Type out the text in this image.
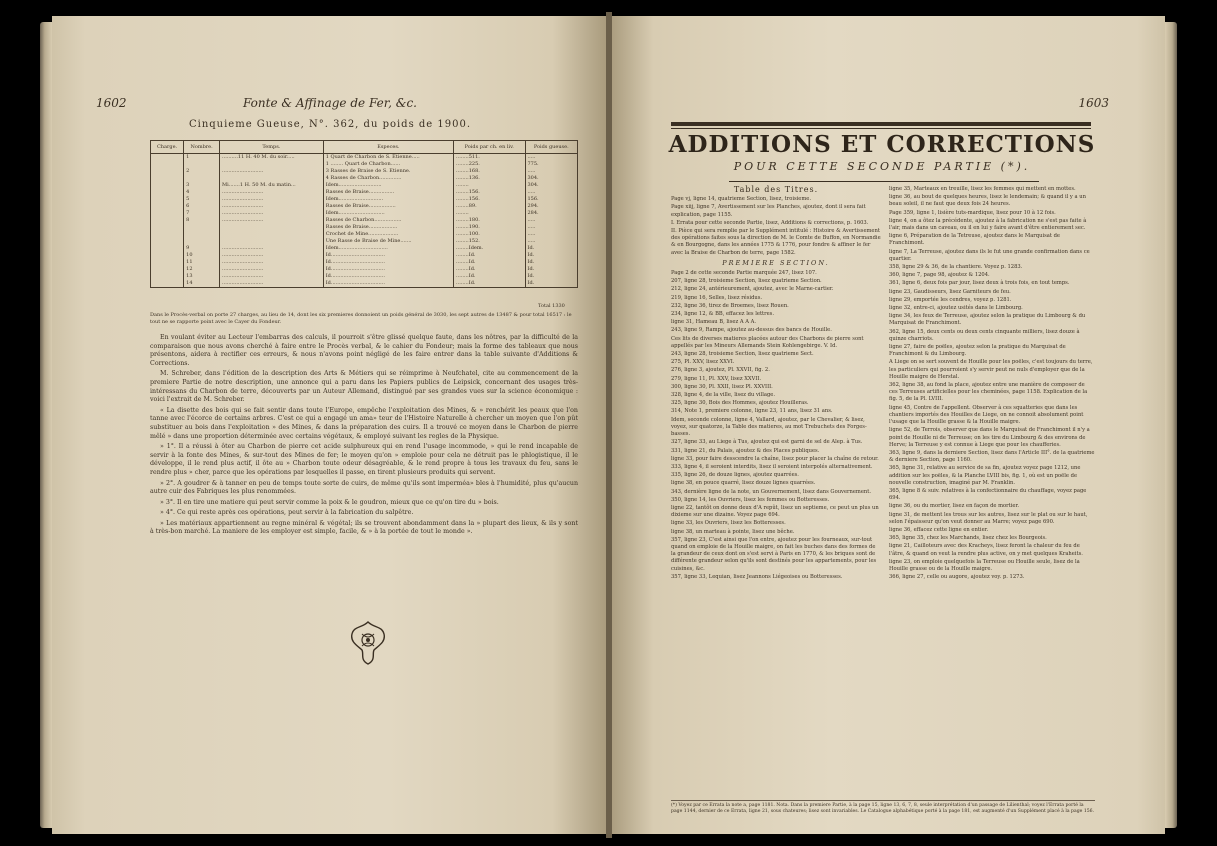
1602	Fonte & Affinage de Fer, &c.
Cinquieme Gueuse, N°. 362, du poids de 1900.
Charge.	Nombre.	Temps.	Especes.	Poids par ch. en liv.	Poids gueuse.
	1	..........11 H. 40 M. du soir.....	1 Quart de Charbon de S. Étienne.....	........511.	.....
			1 ........ Quart de Charbon......	........225.	775.
	2	..........................	3 Rasses de Braise de S. Etienne.	........168.	.....
			4 Rasses de Charbon..............	........136.	304.
	3	Mi.......1 H. 50 M. du matin...	Idem...........................	........	304.
	4	..........................	Rasses de Braise................	........156.	.....
	5	..........................	Idem............................	........156.	156.
	6	..........................	Rasses de Braise.................	........89.	294.
	7	..........................	Idem.............................	........	284.
	8	..........................	Rasses de Charbon.................	........180.	.....
			Rasses de Braise..................	........190.	.....
			Crochet de Mine...................	........100.	.....
			Une Rasse de Braise de Mine.......	........152.	.....
	9	..........................	Idem...............................	........Idem.	Id.
	10	..........................	Id..................................	........Id.	Id.
	11	..........................	Id..................................	........Id.	Id.
	12	..........................	Id..................................	........Id.	Id.
	13	..........................	Id..................................	........Id.	Id.
	14	..........................	Id..................................	........Id.	Id.
Total 1330
Dans le Procès-verbal on porte 27 charges, au lieu de 14, dont les six premieres donnoient un poids général de 3030, les sept autres de 13487 & pour total 16517 : le tout ne se rapporte point avec le Cayer du Fondeur.

En voulant éviter au Lecteur l'embarras des calculs, il pourroit s'être glissé quelque faute, dans les nôtres, par la difficulté de la comparaison que nous avons cherché à faire entre le Procès verbal, & le cahier du Fondeur; mais la forme des tableaux que nous présentons, aidera à rectifier ces erreurs, & nous n'avons point négligé de les faire entrer dans la table suivante d'Additions & Corrections.

M. Schreber, dans l'édition de la description des Arts & Métiers qui se réimprime à Neufchatel, cite au commencement de la premiere Partie de notre description, une annonce qui a paru dans les Papiers publics de Leipsick, concernant des usages très-intéressans du Charbon de terre, découverts par un Auteur Allemand, distingué par ses grandes vues sur la science économique : voici l'extrait de M. Schreber.

« La disette des bois qui se fait sentir dans toute l'Europe, empêche l'exploitation des Mines, & » renchérit les peaux que l'on tanne avec l'écorce de certains arbres. C'est ce qui a engagé un ama» teur de l'Histoire Naturelle à chercher un moyen que l'on pût substituer au bois dans l'exploitation » des Mines, & dans la préparation des cuirs. Il a trouvé ce moyen dans le Charbon de pierre mêlé » dans une proportion déterminée avec certains végétaux, & employé suivant les regles de la Physique.

» 1°. Il a réussi à ôter au Charbon de pierre cet acide sulphureux qui en rend l'usage incommode, » qui le rend incapable de servir à la fonte des Mines, & sur-tout des Mines de fer; le moyen qu'on » emploie pour cela ne détruit pas le phlogistique, il le développe, il le rend plus actif, il ôte au » Charbon toute odeur désagréable, & le rend propre à tous les travaux du feu, sans le rendre plus » cher, parce que les opérations par lesquelles il passe, en tirent plusieurs produits qui servent.

» 2°. A goudrer & à tanner en peu de temps toute sorte de cuirs, de même qu'ils sont imperméa» bles à l'humidité, plus qu'aucun autre cuir des Fabriques les plus renommées.

» 3°. Il en tire une matiere qui peut servir comme la poix & le goudron, mieux que ce qu'on tire du » bois.

» 4°. Ce qui reste après ces opérations, peut servir à la fabrication du salpêtre.

» Les matériaux appartiennent au regne minéral & végétal; ils se trouvent abondamment dans la » plupart des lieux, & ils y sont à très-bon marché. La maniere de les employer est simple, facile, & » à la portée de tout le monde ».

1603
ADDITIONS ET CORRECTIONS
POUR CETTE SECONDE PARTIE (*).

Table des Titres.

Page vj, ligne 14, quatrieme Section, lisez, troisieme.

Page xiij, ligne 7, Avertissement sur les Planches, ajoutez, dont il sera fait explication, page 1155.

I. Errata pour cette seconde Partie, lisez, Additions & corrections, p. 1603.

II. Pièce qui sera remplie par le Supplément intitulé : Histoire & Avertissement des opérations faites sous la direction de M. le Comte de Buffon, en Normandie & en Bourgogne, dans les années 1775 & 1776, pour fondre & affiner le fer avec la Braise de Charbon de terre, page 1582.

PREMIERE SECTION.

Page 2 de cette seconde Partie marquée 247, lisez 107.

207, ligne 28, troisieme Section, lisez quatrieme Section.

212, ligne 24, antérieurement, ajoutez, avec le Marne-cartier.

219, ligne 16, Selles, lisez résidus.

232, ligne 36, tirez de Broemes, lisez Rouen.

234, ligne 12, & BB, effacez les lettres.

ligne 31, Hameau B, lisez A A A.

243, ligne 9, Rampe, ajoutez au-dessus des bancs de Houille.

Ces lits de diverses matieres placées autour des Charbons de pierre sont appellés par les Mineurs Allemands Stein Kohlengebirge. V. Id.

243, ligne 28, troisieme Section, lisez quatrieme Sect.

275, Pl. XXV, lisez XXVI.

276, ligne 3, ajoutez, Pl. XXVII, fig. 2.

279, ligne 11, Pl. XXV, lisez XXVII.

300, ligne 30, Pl. XXII, lisez Pl. XXVIII.

328, ligne 4, de la ville, lisez du village.

325, ligne 30, Bois des Hommes, ajoutez Houilleras.

314, Note 1, premiere colonne, ligne 23, 11 ans, lisez 31 ans.

Idem, seconde colonne, ligne 4, Vallard, ajoutez, par le Chevalier, & lisez, voyez, sur quatorze, la Table des matieres, au mot Trebuchets des Forges-basses.

327, ligne 33, au Liege à Tus, ajoutez qui est garni de sel de Alep. à Tus.

331, ligne 21, du Palais, ajoutez & des Places publiques.

ligne 33, pour faire desscendre la chaîne, lisez pour placer la chaîne de retour.

333, ligne 4, il seroient interdits, lisez il seroient interpolés alternativement.

335, ligne 26, de douze lignes, ajoutez quarrées.

ligne 38, en pouce quarré, lisez douze lignes quarrées.

343, dernière ligne de la note, un Gouvernement, lisez dans Gouvernement.

350, ligne 14, les Ouvriers, lisez les femmes ou Botteresses.

ligne 22, tantôt on donne deux d'A repût, lisez un septieme, ce peut un plus un dixieme sur une dizaine. Voyez page 694.

ligne 33, les Ouvriers, lisez les Botteresses.

ligne 38, un marteau à pointe, lisez une bêche.

357, ligne 23, C'est ainsi que l'on entre, ajoutez pour les fourneaux, sur-tout quand on emploie de la Houille maigre, on fait les buches dans des formes de la grandeur de ceux dont on s'est servi à Paris en 1770, & les briques sont de différente grandeur selon qu'ils sont destinés pour les appartements, pour les cuisines, &c.

357, ligne 33, Lequian, lisez Jeannons Liégeoises ou Botteresses.

ligne 35, Marteaux en treuille, lisez les femmes qui mettent en mottes.

ligne 36, au bout de quelques heures, lisez le lendemain; & quand il y a un beau soleil, il ne faut que deux fois 24 heures.

Page 359, ligne 1, lisière tuts-mardique, lisez pour 10 à 12 fois.

ligne 4, on a ôtez la précédente, ajoutez à la fabrication ne s'est pas faite à l'air, mais dans un caveau, ou il en lui y faire avant d'être entierement sec.

ligne 6, Préparation de la Tetreuse, ajoutez dans le Marquisat de Franchimont.

ligne 7, La Terreuse, ajoutez dans ils le fut une grande confirmation dans ce quartier.

358, ligne 29 & 36, de la chantiere. Voyez p. 1283.

360, ligne 7, page 98, ajoutez & 1204.

361, ligne 6, deux fois par jour, lisez deux à trois fois, en tout temps.

ligne 23, Gaudisseurs, lisez Garniteurs de feu.

ligne 29, emportée les cendres, voyez p. 1281.

ligne 32, entre-ci, ajoutez usités dans le Limbourg.

ligne 34, les feux de Terreuse, ajoutez selon la pratique du Limbourg & du Marquisat de Franchimont.

362, ligne 15, deux cents ou deux cents cinquante milliers, lisez douze à quinze charriots.

ligne 27, faire de poëles, ajoutez selon la pratique du Marquisat de Franchimont & du Limbourg.

A Liege on se sert souvent de Houille pour les poëles, c'est toujours du terre, les particuliers qui pourroient s'y servir peut ne nuls d'employer que de la Houille maigre de Herstal.

362, ligne 38, au fond la place, ajoutez entre une manière de composer de ces Terreuses artificielles pour les cheminées, page 1158. Explication de la fig. 5, de la Pl. LVIII.

ligne 45, Contre de l'appellent. Observer à ces squatteries que dans les chantiers importés des Houilles de Liege, on ne connoit absolument point l'usage que la Houille grasse & la Houille maigre.

ligne 52, de Terrois, observer que dans le Marquisat de Franchimont il n'y a point de Houille ni de Terreuse; on les tire du Limbourg & des environs de Herve; la Terreuse y est connue à Liege que pour les chaufferies.

363, ligne 9, dans la derniere Section, lisez dans l'Article III°. de la quatrieme & derniere Section, page 1160.

365, ligne 31, relative au service de sa fin, ajoutez voyez page 1212, une addition sur les poëles, & la Planche LVIII bis, fig. 1, où est un poële de nouvelle construction, imaginé par M. Franklin.

365, ligne 8 & suiv. relatives à la confectionnaire du chauffage, voyez page 694.

ligne 36, ou du mortier, lisez en façon de mortier.

ligne 31, de mettent les trous sur les autres, lisez sur le plat ou sur le haut, selon l'épaisseur qu'on veut donner au Marre; voyez page 690.

ligne 36, effacez cette ligne en entier.

365, ligne 35, chez les Marchands, lisez chez les Bourgeois.

ligne 21, Cailloteurs avec des Kracheys, lisez feront la chaleur du feu de l'âtre, & quand on veut la rendre plus active, on y met quelques Kraheits.

ligne 23, on emploie quelquefois la Terreuse ou Houille seule, lisez de la Houille grasse ou de la Houille maigre.

366, ligne 27, celle ou augore, ajoutez voy. p. 1273.

(*) Voyez par ce Errata la note a, page 1181. Nota. Dans la premiere Partie, à la page 15, ligne 13, 6, 7, 8, seule interprétation d'un passage de Lilienthal; voyez l'Errata porté la page 1144, dernier de ce Errata, ligne 21, sous chateures; lisez sont invariables. Le Catalogue alphabétique porté à la page 181, est augmenté d'un Supplément placé à la page 156.
